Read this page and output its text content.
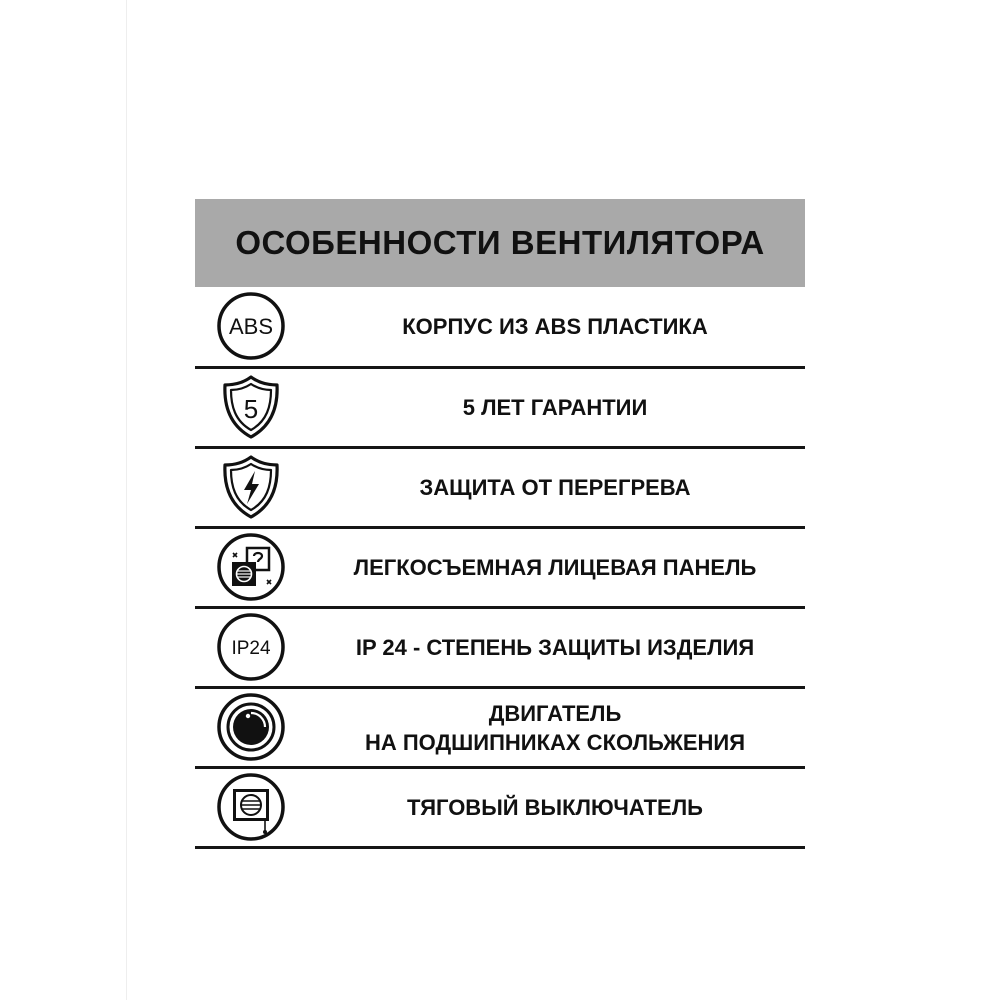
ОСОБЕННОСТИ ВЕНТИЛЯТОРА
ABS	КОРПУС ИЗ ABS ПЛАСТИКА
5	5 ЛЕТ ГАРАНТИИ
ЗАЩИТА ОТ ПЕРЕГРЕВА
ЛЕГКОСЪЕМНАЯ ЛИЦЕВАЯ ПАНЕЛЬ
IP24	IP 24 - СТЕПЕНЬ ЗАЩИТЫ ИЗДЕЛИЯ
ДВИГАТЕЛЬ
НА ПОДШИПНИКАХ СКОЛЬЖЕНИЯ
ТЯГОВЫЙ ВЫКЛЮЧАТЕЛЬ
